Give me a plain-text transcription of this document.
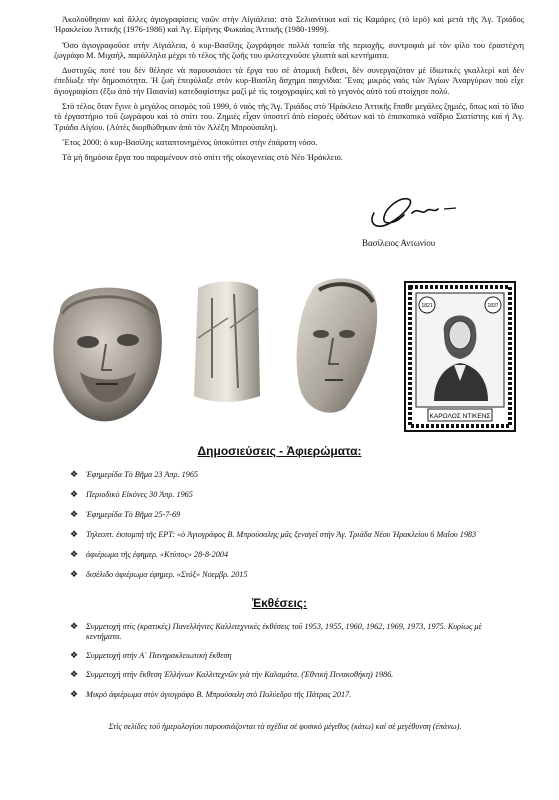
Ἀκολούθησαν καὶ ἄλλες ἁγιογραφίσεις ναῶν στὴν Αἰγιάλεια: στὰ Σελιανίτικα καὶ τὶς Καμάρες (τὸ ἱερό) καὶ μετὰ τῆς Ἀγ. Τριάδος Ἡρακλείου Ἀττικῆς (1976-1986) καὶ Ἁγ. Εἰρήνης Φωκαίας Ἀττικῆς (1980-1999).

Ὅσο ἁγιογραφοῦσε στὴν Αἰγιάλεια, ὁ κυρ-Βασίλης ζωγράφησε πολλὰ τοπεῖα τῆς περιοχῆς, συντροφιὰ μὲ τὸν φίλο του ἐραστέχνη ζωγράφο Μ. Μιχαήλ, παράλληλα μέχρι τὸ τέλος τῆς ζωῆς του φιλοτεχνοῦσε γλυπτὰ καὶ κεντήματα.

Δυστυχῶς ποτὲ του δὲν θέλησε νὰ παρουσιάσει τὰ ἔργα του σὲ ἀτομικὴ ἔκθεσι, δὲν συνεργαζόταν μὲ ἰδιωτικὲς γκαλλερὶ καὶ δὲν ἐπεδίωξε τὴν δημοσιότητα. Ἡ ζωὴ ἐπεφύλαξε στὸν κυρ-Βασίλη ἄσχημα παιχνίδια: Ἕνας μικρὸς ναὸς τῶν Ἁγίων Ἀναργύρων ποὺ εἶχε ἁγιογραφίσει (ἔξω ἀπὸ τὴν Παιανία) κατεδαφίστηκε μαζὶ μὲ τὶς τοιχογραφίες καὶ τὸ γεγονὸς αὐτὸ τοῦ στοίχησε πολύ.

Στὸ τέλος ὅταν ἔγινε ὁ μεγάλος σεισμὸς τοῦ 1999, ὁ ναὸς τῆς Ἀγ. Τριάδος στὸ Ἡράκλειο Ἀττικῆς ἔπαθε μεγάλες ζημιές, ὅπως καὶ τὸ ἴδιο τὸ ἐργαστήριο τοῦ ζωγράφου καὶ τὸ σπίτι του. Ζημιὲς εἶχαν ὑποστεῖ ἀπὸ εἰσροὲς ὑδάτων καὶ τὸ ἐπισκοπικὸ ναΐδριο Σιατίστης καὶ ἡ Ἀγ. Τριάδα Αἰγίου. (Αὐτὲς διορθώθηκαν ἀπὸ τὸν Ἀλέξη Μπρούσαλη).

Ἔτος 2000: ὁ κυρ-Βασίλης καταπτονημένος ὑποκύπτει στὴν ἐπάρατη νόσο.

Τὰ μὴ δημόσια ἔργα του παραμένουν στὸ σπίτι τῆς οἰκογενείας στὸ Νέο Ἡράκλειο.

Βασίλειος Αντωνίου
1821	1837
ΚΑΡΟΛΟΣ ΝΤΙΚΕΝΣ
Δημοσιεύσεις - Ἀφιερώματα:
❖ Ἐφημερίδα Τὸ Βῆμα 23 Ἀπρ. 1965
❖ Περιοδικὸ Εἰκόνες 30 Ἀπρ. 1965
❖ Ἐφημερίδα Τὸ Βῆμα 25-7-69
❖ Τηλεοπτ. ἐκπομπὴ τῆς ΕΡΤ: «ὁ Ἁγιογράφος Β. Μπρούσαλης μᾶς ξεναγεῖ στὴν Ἀγ. Τριάδα Νέου Ἡρακλείου 6 Μαΐου 1983
❖ ἀφιέρωμα τῆς ἐφημερ. «Κτύπος» 28-8-2004
❖ δισέλιδο ἀφιέρωμα ἐφημερ. «Στόξ» Νοεμβρ. 2015
Ἐκθέσεις:
❖ Συμμετοχὴ στὶς (κρατικές) Πανελλήνιες Καλλιτεχνικὲς ἐκθέσεις τοῦ 1953, 1955, 1960, 1962, 1969, 1973, 1975. Κυρίως μὲ κεντήματα.
❖ Συμμετοχὴ στὴν Α΄ Πανηρακλειωτικὴ ἔκθεση
❖ Συμμετοχὴ στὴν ἔκθεση Ἑλλήνων Καλλιτεχνῶν γιὰ τὴν Καλαμάτα. (Ἐθνικὴ Πινακοθήκη) 1986.
❖ Μικρὸ ἀφιέρωμα στὸν ἁγιογράφο Β. Μπρούσαλη στὸ Πολύεδρο τῆς Πάτρας 2017.
Στὶς σελίδες τοῦ ἡμερολογίου παρουσιάζονται τὰ σχέδια σὲ φυσικὸ μέγεθος (κάτω) καὶ σὲ μεγέθυνση (ἐπάνω).
